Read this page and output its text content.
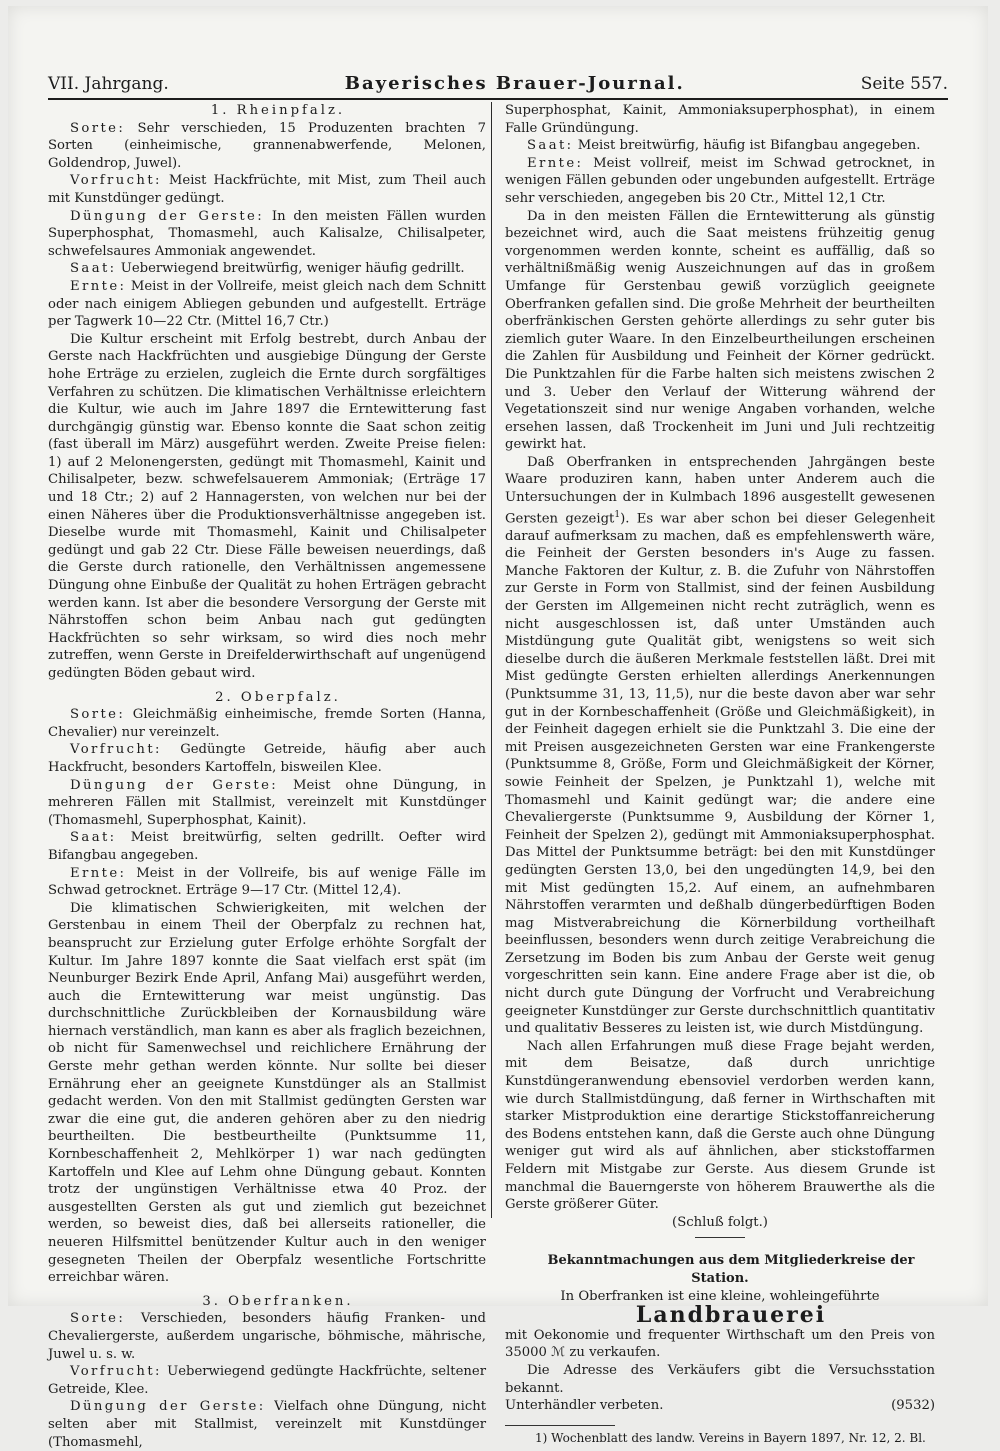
VII. Jahrgang.	Bayerisches Brauer-Journal.	Seite 557.

1. Rheinpfalz.

Sorte: Sehr verschieden, 15 Produzenten brachten 7 Sorten (einheimische, grannenabwerfende, Melonen, Goldendrop, Juwel).

Vorfrucht: Meist Hackfrüchte, mit Mist, zum Theil auch mit Kunstdünger gedüngt.

Düngung der Gerste: In den meisten Fällen wurden Superphosphat, Thomasmehl, auch Kalisalze, Chilisalpeter, schwefelsaures Ammoniak angewendet.

Saat: Ueberwiegend breitwürfig, weniger häufig gedrillt.

Ernte: Meist in der Vollreife, meist gleich nach dem Schnitt oder nach einigem Abliegen gebunden und aufgestellt. Erträge per Tagwerk 10—22 Ctr. (Mittel 16,7 Ctr.)

Die Kultur erscheint mit Erfolg bestrebt, durch Anbau der Gerste nach Hackfrüchten und ausgiebige Düngung der Gerste hohe Erträge zu erzielen, zugleich die Ernte durch sorgfältiges Verfahren zu schützen. Die klimatischen Verhältnisse erleichtern die Kultur, wie auch im Jahre 1897 die Erntewitterung fast durchgängig günstig war. Ebenso konnte die Saat schon zeitig (fast überall im März) ausgeführt werden. Zweite Preise fielen: 1) auf 2 Melonengersten, gedüngt mit Thomasmehl, Kainit und Chilisalpeter, bezw. schwefelsauerem Ammoniak; (Erträge 17 und 18 Ctr.; 2) auf 2 Hannagersten, von welchen nur bei der einen Näheres über die Produktionsverhältnisse angegeben ist. Dieselbe wurde mit Thomasmehl, Kainit und Chilisalpeter gedüngt und gab 22 Ctr. Diese Fälle beweisen neuerdings, daß die Gerste durch rationelle, den Verhältnissen angemessene Düngung ohne Einbuße der Qualität zu hohen Erträgen gebracht werden kann. Ist aber die besondere Versorgung der Gerste mit Nährstoffen schon beim Anbau nach gut gedüngten Hackfrüchten so sehr wirksam, so wird dies noch mehr zutreffen, wenn Gerste in Dreifelderwirthschaft auf ungenügend gedüngten Böden gebaut wird.

2. Oberpfalz.

Sorte: Gleichmäßig einheimische, fremde Sorten (Hanna, Chevalier) nur vereinzelt.

Vorfrucht: Gedüngte Getreide, häufig aber auch Hackfrucht, besonders Kartoffeln, bisweilen Klee.

Düngung der Gerste: Meist ohne Düngung, in mehreren Fällen mit Stallmist, vereinzelt mit Kunstdünger (Thomasmehl, Superphosphat, Kainit).

Saat: Meist breitwürfig, selten gedrillt. Oefter wird Bifangbau angegeben.

Ernte: Meist in der Vollreife, bis auf wenige Fälle im Schwad getrocknet. Erträge 9—17 Ctr. (Mittel 12,4).

Die klimatischen Schwierigkeiten, mit welchen der Gerstenbau in einem Theil der Oberpfalz zu rechnen hat, beansprucht zur Erzielung guter Erfolge erhöhte Sorgfalt der Kultur. Im Jahre 1897 konnte die Saat vielfach erst spät (im Neunburger Bezirk Ende April, Anfang Mai) ausgeführt werden, auch die Erntewitterung war meist ungünstig. Das durchschnittliche Zurückbleiben der Kornausbildung wäre hiernach verständlich, man kann es aber als fraglich bezeichnen, ob nicht für Samenwechsel und reichlichere Ernährung der Gerste mehr gethan werden könnte. Nur sollte bei dieser Ernährung eher an geeignete Kunstdünger als an Stallmist gedacht werden. Von den mit Stallmist gedüngten Gersten war zwar die eine gut, die anderen gehören aber zu den niedrig beurtheilten. Die bestbeurtheilte (Punktsumme 11, Kornbeschaffenheit 2, Mehlkörper 1) war nach gedüngten Kartoffeln und Klee auf Lehm ohne Düngung gebaut. Konnten trotz der ungünstigen Verhältnisse etwa 40 Proz. der ausgestellten Gersten als gut und ziemlich gut bezeichnet werden, so beweist dies, daß bei allerseits rationeller, die neueren Hilfsmittel benützender Kultur auch in den weniger gesegneten Theilen der Oberpfalz wesentliche Fortschritte erreichbar wären.

3. Oberfranken.

Sorte: Verschieden, besonders häufig Franken- und Chevaliergerste, außerdem ungarische, böhmische, mährische, Juwel u. s. w.

Vorfrucht: Ueberwiegend gedüngte Hackfrüchte, seltener Getreide, Klee.

Düngung der Gerste: Vielfach ohne Düngung, nicht selten aber mit Stallmist, vereinzelt mit Kunstdünger (Thomasmehl,

Superphosphat, Kainit, Ammoniaksuperphosphat), in einem Falle Gründüngung.

Saat: Meist breitwürfig, häufig ist Bifangbau angegeben.

Ernte: Meist vollreif, meist im Schwad getrocknet, in wenigen Fällen gebunden oder ungebunden aufgestellt. Erträge sehr verschieden, angegeben bis 20 Ctr., Mittel 12,1 Ctr.

Da in den meisten Fällen die Erntewitterung als günstig bezeichnet wird, auch die Saat meistens frühzeitig genug vorgenommen werden konnte, scheint es auffällig, daß so verhältnißmäßig wenig Auszeichnungen auf das in großem Umfange für Gerstenbau gewiß vorzüglich geeignete Oberfranken gefallen sind. Die große Mehrheit der beurtheilten oberfränkischen Gersten gehörte allerdings zu sehr guter bis ziemlich guter Waare. In den Einzelbeurtheilungen erscheinen die Zahlen für Ausbildung und Feinheit der Körner gedrückt. Die Punktzahlen für die Farbe halten sich meistens zwischen 2 und 3. Ueber den Verlauf der Witterung während der Vegetationszeit sind nur wenige Angaben vorhanden, welche ersehen lassen, daß Trockenheit im Juni und Juli rechtzeitig gewirkt hat.

Daß Oberfranken in entsprechenden Jahrgängen beste Waare produziren kann, haben unter Anderem auch die Untersuchungen der in Kulmbach 1896 ausgestellt gewesenen Gersten gezeigt$^1$). Es war aber schon bei dieser Gelegenheit darauf aufmerksam zu machen, daß es empfehlenswerth wäre, die Feinheit der Gersten besonders in's Auge zu fassen. Manche Faktoren der Kultur, z. B. die Zufuhr von Nährstoffen zur Gerste in Form von Stallmist, sind der feinen Ausbildung der Gersten im Allgemeinen nicht recht zuträglich, wenn es nicht ausgeschlossen ist, daß unter Umständen auch Mistdüngung gute Qualität gibt, wenigstens so weit sich dieselbe durch die äußeren Merkmale feststellen läßt. Drei mit Mist gedüngte Gersten erhielten allerdings Anerkennungen (Punktsumme 31, 13, 11,5), nur die beste davon aber war sehr gut in der Kornbeschaffenheit (Größe und Gleichmäßigkeit), in der Feinheit dagegen erhielt sie die Punktzahl 3. Die eine der mit Preisen ausgezeichneten Gersten war eine Frankengerste (Punktsumme 8, Größe, Form und Gleichmäßigkeit der Körner, sowie Feinheit der Spelzen, je Punktzahl 1), welche mit Thomasmehl und Kainit gedüngt war; die andere eine Chevaliergerste (Punktsumme 9, Ausbildung der Körner 1, Feinheit der Spelzen 2), gedüngt mit Ammoniaksuperphosphat. Das Mittel der Punktsumme beträgt: bei den mit Kunstdünger gedüngten Gersten 13,0, bei den ungedüngten 14,9, bei den mit Mist gedüngten 15,2. Auf einem, an aufnehmbaren Nährstoffen verarmten und deßhalb düngerbedürftigen Boden mag Mistverabreichung die Körnerbildung vortheilhaft beeinflussen, besonders wenn durch zeitige Verabreichung die Zersetzung im Boden bis zum Anbau der Gerste weit genug vorgeschritten sein kann. Eine andere Frage aber ist die, ob nicht durch gute Düngung der Vorfrucht und Verabreichung geeigneter Kunstdünger zur Gerste durchschnittlich quantitativ und qualitativ Besseres zu leisten ist, wie durch Mistdüngung.

Nach allen Erfahrungen muß diese Frage bejaht werden, mit dem Beisatze, daß durch unrichtige Kunstdüngeranwendung ebensoviel verdorben werden kann, wie durch Stallmistdüngung, daß ferner in Wirthschaften mit starker Mistproduktion eine derartige Stickstoffanreicherung des Bodens entstehen kann, daß die Gerste auch ohne Düngung weniger gut wird als auf ähnlichen, aber stickstoffarmen Feldern mit Mistgabe zur Gerste. Aus diesem Grunde ist manchmal die Bauerngerste von höherem Brauwerthe als die Gerste größerer Güter.

(Schluß folgt.)

Bekanntmachungen aus dem Mitgliederkreise der Station.

In Oberfranken ist eine kleine, wohleingeführte

Landbrauerei

mit Oekonomie und frequenter Wirthschaft um den Preis von 35000 ℳ zu verkaufen.

Die Adresse des Verkäufers gibt die Versuchsstation bekannt.

Unterhändler verbeten.	(9532)

1) Wochenblatt des landw. Vereins in Bayern 1897, Nr. 12, 2. Bl.
